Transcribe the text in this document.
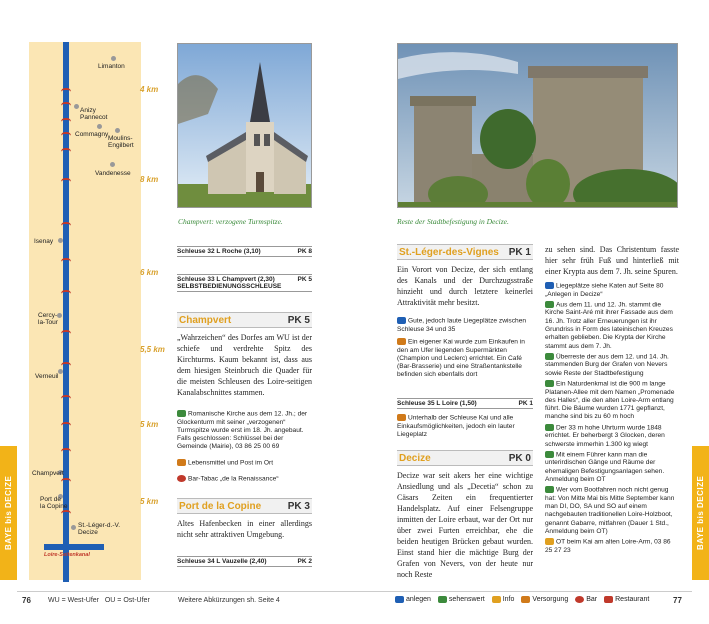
BAYE bis DECIZE	BAYE bis DECIZE
Limanton
Anizy
Pannecot
Commagny
Moulins-
Engilbert
Vandenesse
Isenay
Cercy-
la-Tour
Verneuil
Champvert
Port de
la Copine
St.-Léger-d.-V.
Decize
4 km
8 km
6 km
5,5 km
5 km
5 km
Loire-Seitenkanal
Champvert: verzogene Turmspitze.
Schleuse 32 L Roche (3,10)	PK 8
Schleuse 33 L Champvert (2,30)	PK 5
SELBSTBEDIENUNGSSCHLEUSE
Champvert	PK 5
„Wahrzeichen“ des Dorfes am WU ist der schiefe und verdrehte Spitz des Kirchturms. Kaum bekannt ist, dass aus dem hiesigen Steinbruch die Quader für die meisten Schleusen des Loire-seitigen Kanalabschnittes stammen.
Romanische Kirche aus dem 12. Jh.; der Glockenturm mit seiner „verzogenen“ Turmspitze wurde erst im 18. Jh. angebaut. Falls geschlossen: Schlüssel bei der Gemeinde (Mairie), 03 86 25 00 69
Lebensmittel und Post im Ort
Bar-Tabac „de la Renaissance“
Port de la Copine	PK 3
Altes Hafenbecken in einer allerdings nicht sehr attraktiven Umgebung.
Schleuse 34 L Vauzelle (2,40)	PK 2
Reste der Stadtbefestigung in Decize.
St.-Léger-des-Vignes PK 1
Ein Vorort von Decize, der sich entlang des Kanals und der Durchzugsstraße hinzieht und durch letztere keinerlei Attraktivität mehr besitzt.
Gute, jedoch laute Liegeplätze zwischen Schleuse 34 und 35
Ein eigener Kai wurde zum Einkaufen in den am Ufer liegenden Supermärkten (Champion und Leclerc) errichtet. Ein Café (Bar-Brasserie) und eine Straßentankstelle befinden sich ebenfalls dort
Schleuse 35 L Loire (1,50)	PK 1
Unterhalb der Schleuse Kai und alle Einkaufsmöglichkeiten, jedoch ein lauter Liegeplatz
Decize	PK 0
Decize war seit akers her eine wichtige Ansiedlung und als „Decetia“ schon zu Cäsars Zeiten ein frequentierter Handelsplatz. Auf einer Felsengruppe inmitten der Loire erbaut, war der Ort nur über zwei Furten erreichbar, ehe die beiden heutigen Brücken gebaut wurden. Einst stand hier die mächtige Burg der Grafen von Nevers, von der heute nur noch Reste
zu sehen sind. Das Christentum fasste hier sehr früh Fuß und hinterließ mit einer Krypta aus dem 7. Jh. seine Spuren.
Liegeplätze siehe Katen auf Seite 80 „Anlegen in Decize“
Aus dem 11. und 12. Jh. stammt die Kirche Saint-Aré mit ihrer Fassade aus dem 16. Jh. Trotz aller Erneuerungen ist ihr Grundriss in Form des lateinischen Kreuzes erhalten geblieben. Die Krypta der Kirche stammt aus dem 7. Jh.
Überreste der aus dem 12. und 14. Jh. stammenden Burg der Grafen von Nevers sowie Reste der Stadtbefestigung
Ein Naturdenkmal ist die 900 m lange Platanen-Allee mit dem Namen „Promenade des Halles“, die den alten Loire-Arm entlang führt. Die Bäume wurden 1771 gepflanzt, manche sind bis zu 60 m hoch
Der 33 m hohe Uhrturm wurde 1848 errichtet. Er beherbergt 3 Glocken, deren schwerste immerhin 1.300 kg wiegt
Mit einem Führer kann man die unterirdischen Gänge und Räume der ehemaligen Befestigungsanlagen sehen. Anmeldung beim OT
Wer vom Bootfahren noch nicht genug hat: Von Mitte Mai bis Mitte September kann man DI, DO, SA und SO auf einem nachgebauten traditionellen Loire-Holzboot, genannt Gabarre, mitfahren (Dauer 1 Std., Anmeldung beim OT)
OT beim Kai am alten Loire-Arm, 03 86 25 27 23
76 WU = West-Ufer   OU = Ost-Ufer	Weitere Abkürzungen sh. Seite 4	anlegen	sehenswert	Info	Versorgung	Bar	Restaurant	77
